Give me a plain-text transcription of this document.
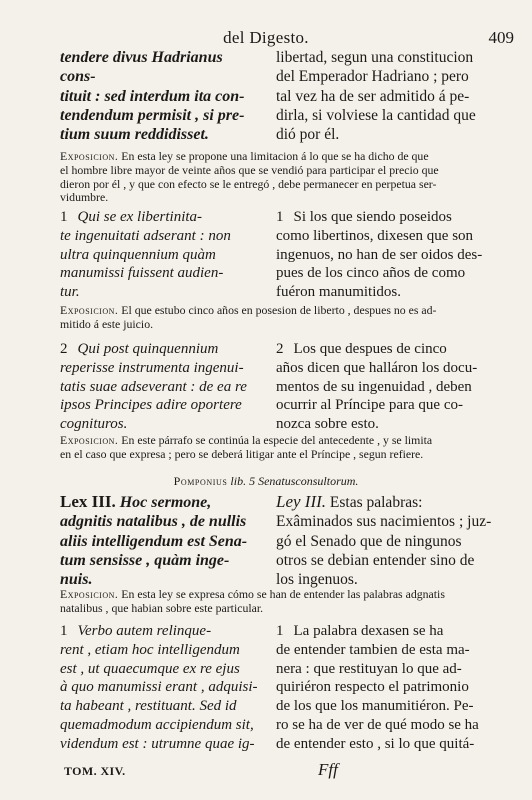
del Digesto.	409

tendere divus Hadrianus cons-

tituit : sed interdum ita con-

tendendum permisit , si pre-

tium suum reddidisset.

libertad, segun una constitucion

del Emperador Hadriano ; pero

tal vez ha de ser admitido á pe-

dirla, si volviese la cantidad que

dió por él.

Exposicion. En esta ley se propone una limitacion á lo que se ha dicho de que
el hombre libre mayor de veinte años que se vendió para participar el precio que
dieron por él , y que con efecto se le entregó , debe permanecer en perpetua ser-
vidumbre.

1 Qui se ex libertinita-

te ingenuitati adserant : non

ultra quinquennium quàm

manumissi fuissent audien-

tur.

1 Si los que siendo poseidos

como libertinos, dixesen que son

ingenuos, no han de ser oidos des-

pues de los cinco años de como

fuéron manumitidos.

Exposicion. El que estubo cinco años en posesion de liberto , despues no es ad-
mitido á este juicio.

2 Qui post quinquennium

reperisse instrumenta ingenui-

tatis suae adseverant : de ea re

ipsos Principes adire oportere

cognituros.

2 Los que despues de cinco

años dicen que halláron los docu-

mentos de su ingenuidad , deben

ocurrir al Príncipe para que co-

nozca sobre esto.

Exposicion. En este párrafo se continúa la especie del antecedente , y se limita
en el caso que expresa ; pero se deberá litigar ante el Príncipe , segun refiere.
Pomponius lib. 5 Senatusconsultorum.

Lex III. Hoc sermone,

adgnitis natalibus , de nullis

aliis intelligendum est Sena-

tum sensisse , quàm inge-

nuis.

Ley III. Estas palabras:

Exâminados sus nacimientos ; juz-

gó el Senado que de ningunos

otros se debian entender sino de

los ingenuos.

Exposicion. En esta ley se expresa cómo se han de entender las palabras adgnatis
natalibus , que habian sobre este particular.

1 Verbo autem relinque-

rent , etiam hoc intelligendum

est , ut quaecumque ex re ejus

à quo manumissi erant , adquisi-

ta habeant , restituant. Sed id

quemadmodum accipiendum sit,

videndum est : utrumne quae ig-

1 La palabra dexasen se ha

de entender tambien de esta ma-

nera : que restituyan lo que ad-

quiriéron respecto el patrimonio

de los que los manumitiéron. Pe-

ro se ha de ver de qué modo se ha

de entender esto , si lo que quitá-

TOM. XIV.	Fff
